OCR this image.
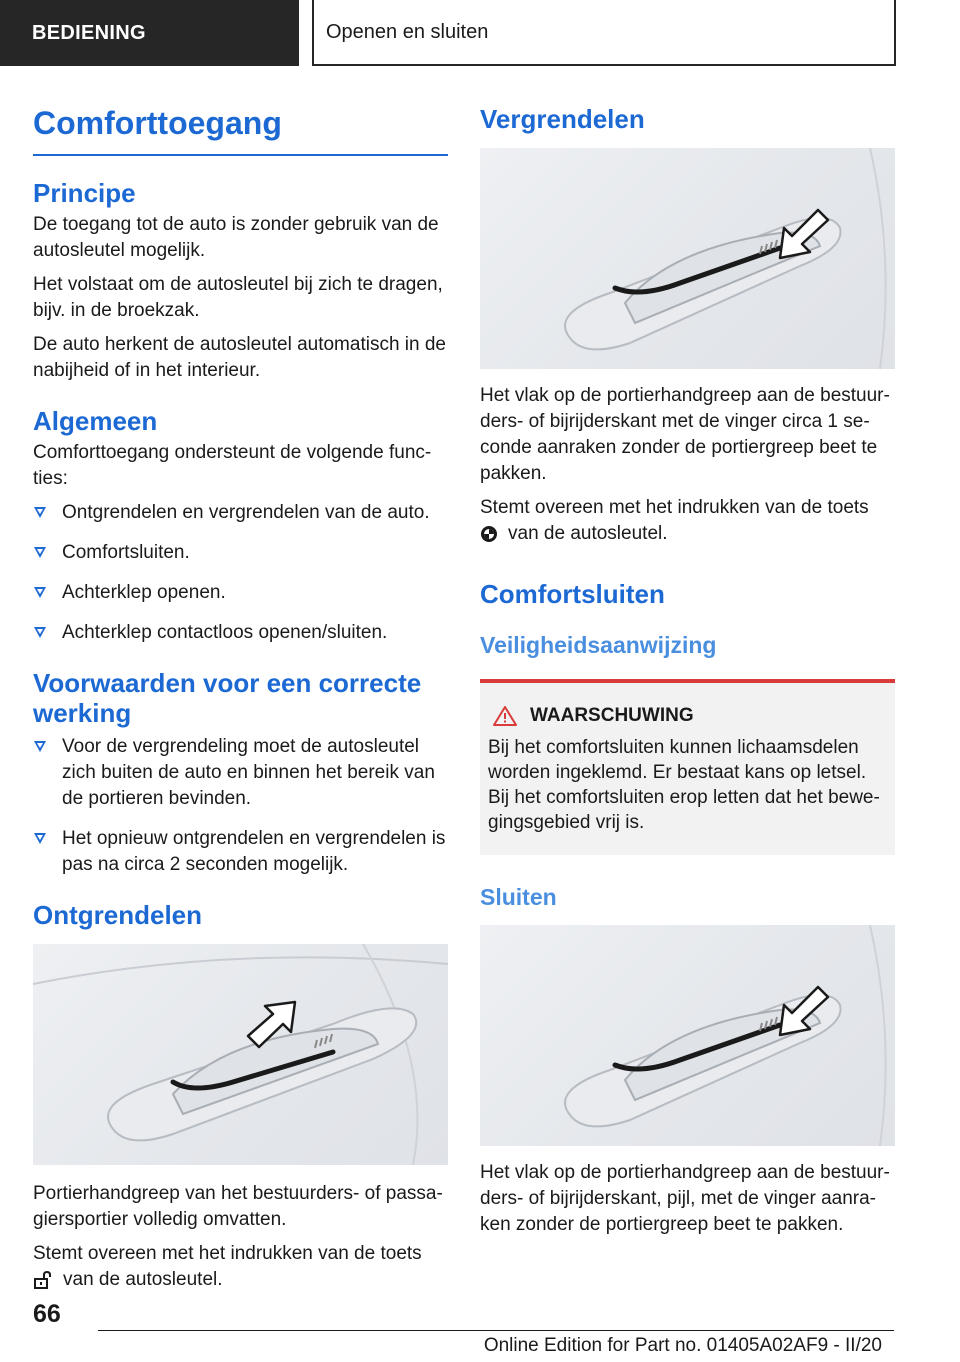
BEDIENING	Openen en sluiten
Comforttoegang
Principe

De toegang tot de auto is zonder gebruik van de autosleutel mogelijk.

Het volstaat om de autosleutel bij zich te dragen, bijv. in de broekzak.

De auto herkent de autosleutel automatisch in de nabijheid of in het interieur.

Algemeen

Comforttoegang ondersteunt de volgende func-ties:

Ontgrendelen en vergrendelen van de auto.
Comfortsluiten.
Achterklep openen.
Achterklep contactloos openen/sluiten.
Voorwaarden voor een correcte werking
Voor de vergrendeling moet de autosleutel zich buiten de auto en binnen het bereik van de portieren bevinden.
Het opnieuw ontgrendelen en vergrendelen is pas na circa 2 seconden mogelijk.
Ontgrendelen

Portierhandgreep van het bestuurders- of passa-giersportier volledig omvatten.

Stemt overeen met het indrukken van de toets
van de autosleutel.

Vergrendelen

Het vlak op de portierhandgreep aan de bestuur-ders- of bijrijderskant met de vinger circa 1 se-conde aanraken zonder de portiergreep beet te pakken.

Stemt overeen met het indrukken van de toets
van de autosleutel.

Comfortsluiten
Veiligheidsaanwijzing
WAARSCHUWING

Bij het comfortsluiten kunnen lichaamsdelen worden ingeklemd. Er bestaat kans op letsel.

Bij het comfortsluiten erop letten dat het bewe-gingsgebied vrij is.

Sluiten

Het vlak op de portierhandgreep aan de bestuur-ders- of bijrijderskant, pijl, met de vinger aanra-ken zonder de portiergreep beet te pakken.

66
Online Edition for Part no. 01405A02AF9 - II/20
